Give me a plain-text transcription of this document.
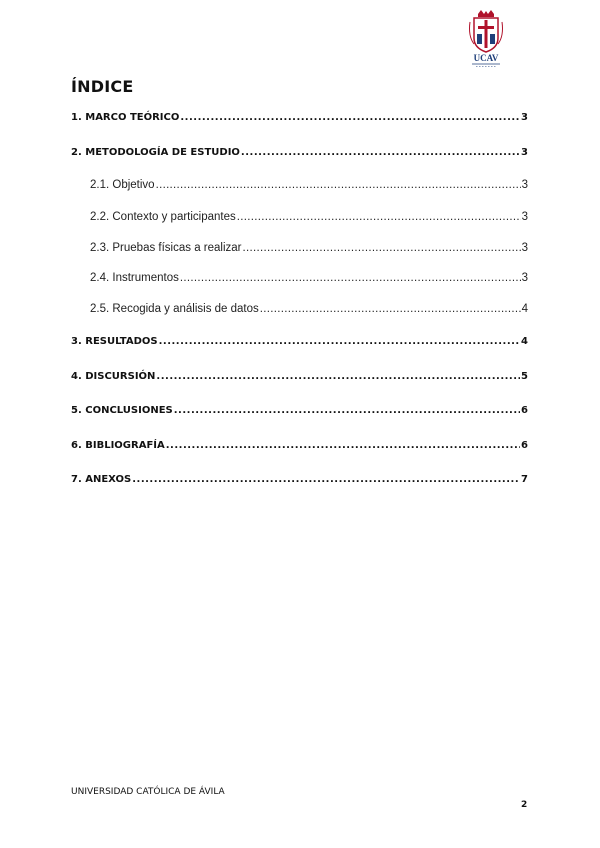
UCAV
ÍNDICE
1. MARCO TEÓRICO .....	3
2. METODOLOGÍA DE ESTUDIO .....	3
2.1. Objetivo .....	3
2.2. Contexto y participantes .....	3
2.3. Pruebas físicas a realizar .....	3
2.4. Instrumentos .....	3
2.5. Recogida y análisis de datos .....	4
3. RESULTADOS .....	4
4. DISCURSIÓN .....	5
5. CONCLUSIONES .....	6
6. BIBLIOGRAFÍA .....	6
7. ANEXOS .....	7
UNIVERSIDAD CATÓLICA DE ÁVILA
2
